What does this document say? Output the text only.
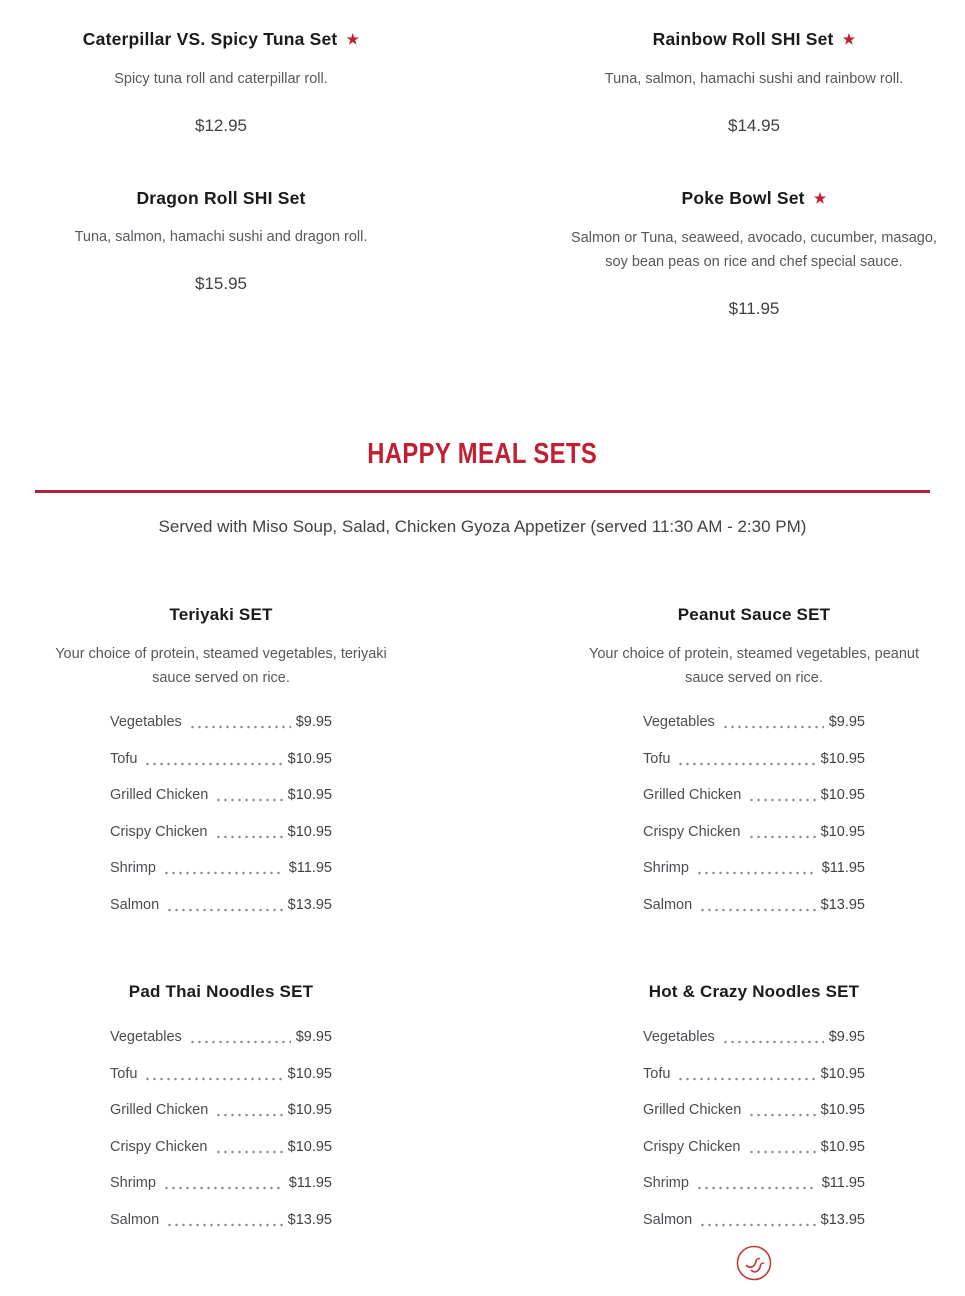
Caterpillar VS. Spicy Tuna Set ★

Spicy tuna roll and caterpillar roll.

$12.95

Rainbow Roll SHI Set ★

Tuna, salmon, hamachi sushi and rainbow roll.

$14.95

Dragon Roll SHI Set

Tuna, salmon, hamachi sushi and dragon roll.

$15.95

Poke Bowl Set ★

Salmon or Tuna, seaweed, avocado, cucumber, masago, soy bean peas on rice and chef special sauce.

$11.95

HAPPY MEAL SETS

Served with Miso Soup, Salad, Chicken Gyoza Appetizer (served 11:30 AM - 2:30 PM)

Teriyaki SET

Your choice of protein, steamed vegetables, teriyaki sauce served on rice.

Vegetables	$9.95
Tofu	$10.95
Grilled Chicken	$10.95
Crispy Chicken	$10.95
Shrimp	$11.95
Salmon	$13.95
Peanut Sauce SET

Your choice of protein, steamed vegetables, peanut sauce served on rice.

Vegetables	$9.95
Tofu	$10.95
Grilled Chicken	$10.95
Crispy Chicken	$10.95
Shrimp	$11.95
Salmon	$13.95
Pad Thai Noodles SET
Vegetables	$9.95
Tofu	$10.95
Grilled Chicken	$10.95
Crispy Chicken	$10.95
Shrimp	$11.95
Salmon	$13.95
Hot & Crazy Noodles SET
Vegetables	$9.95
Tofu	$10.95
Grilled Chicken	$10.95
Crispy Chicken	$10.95
Shrimp	$11.95
Salmon	$13.95
